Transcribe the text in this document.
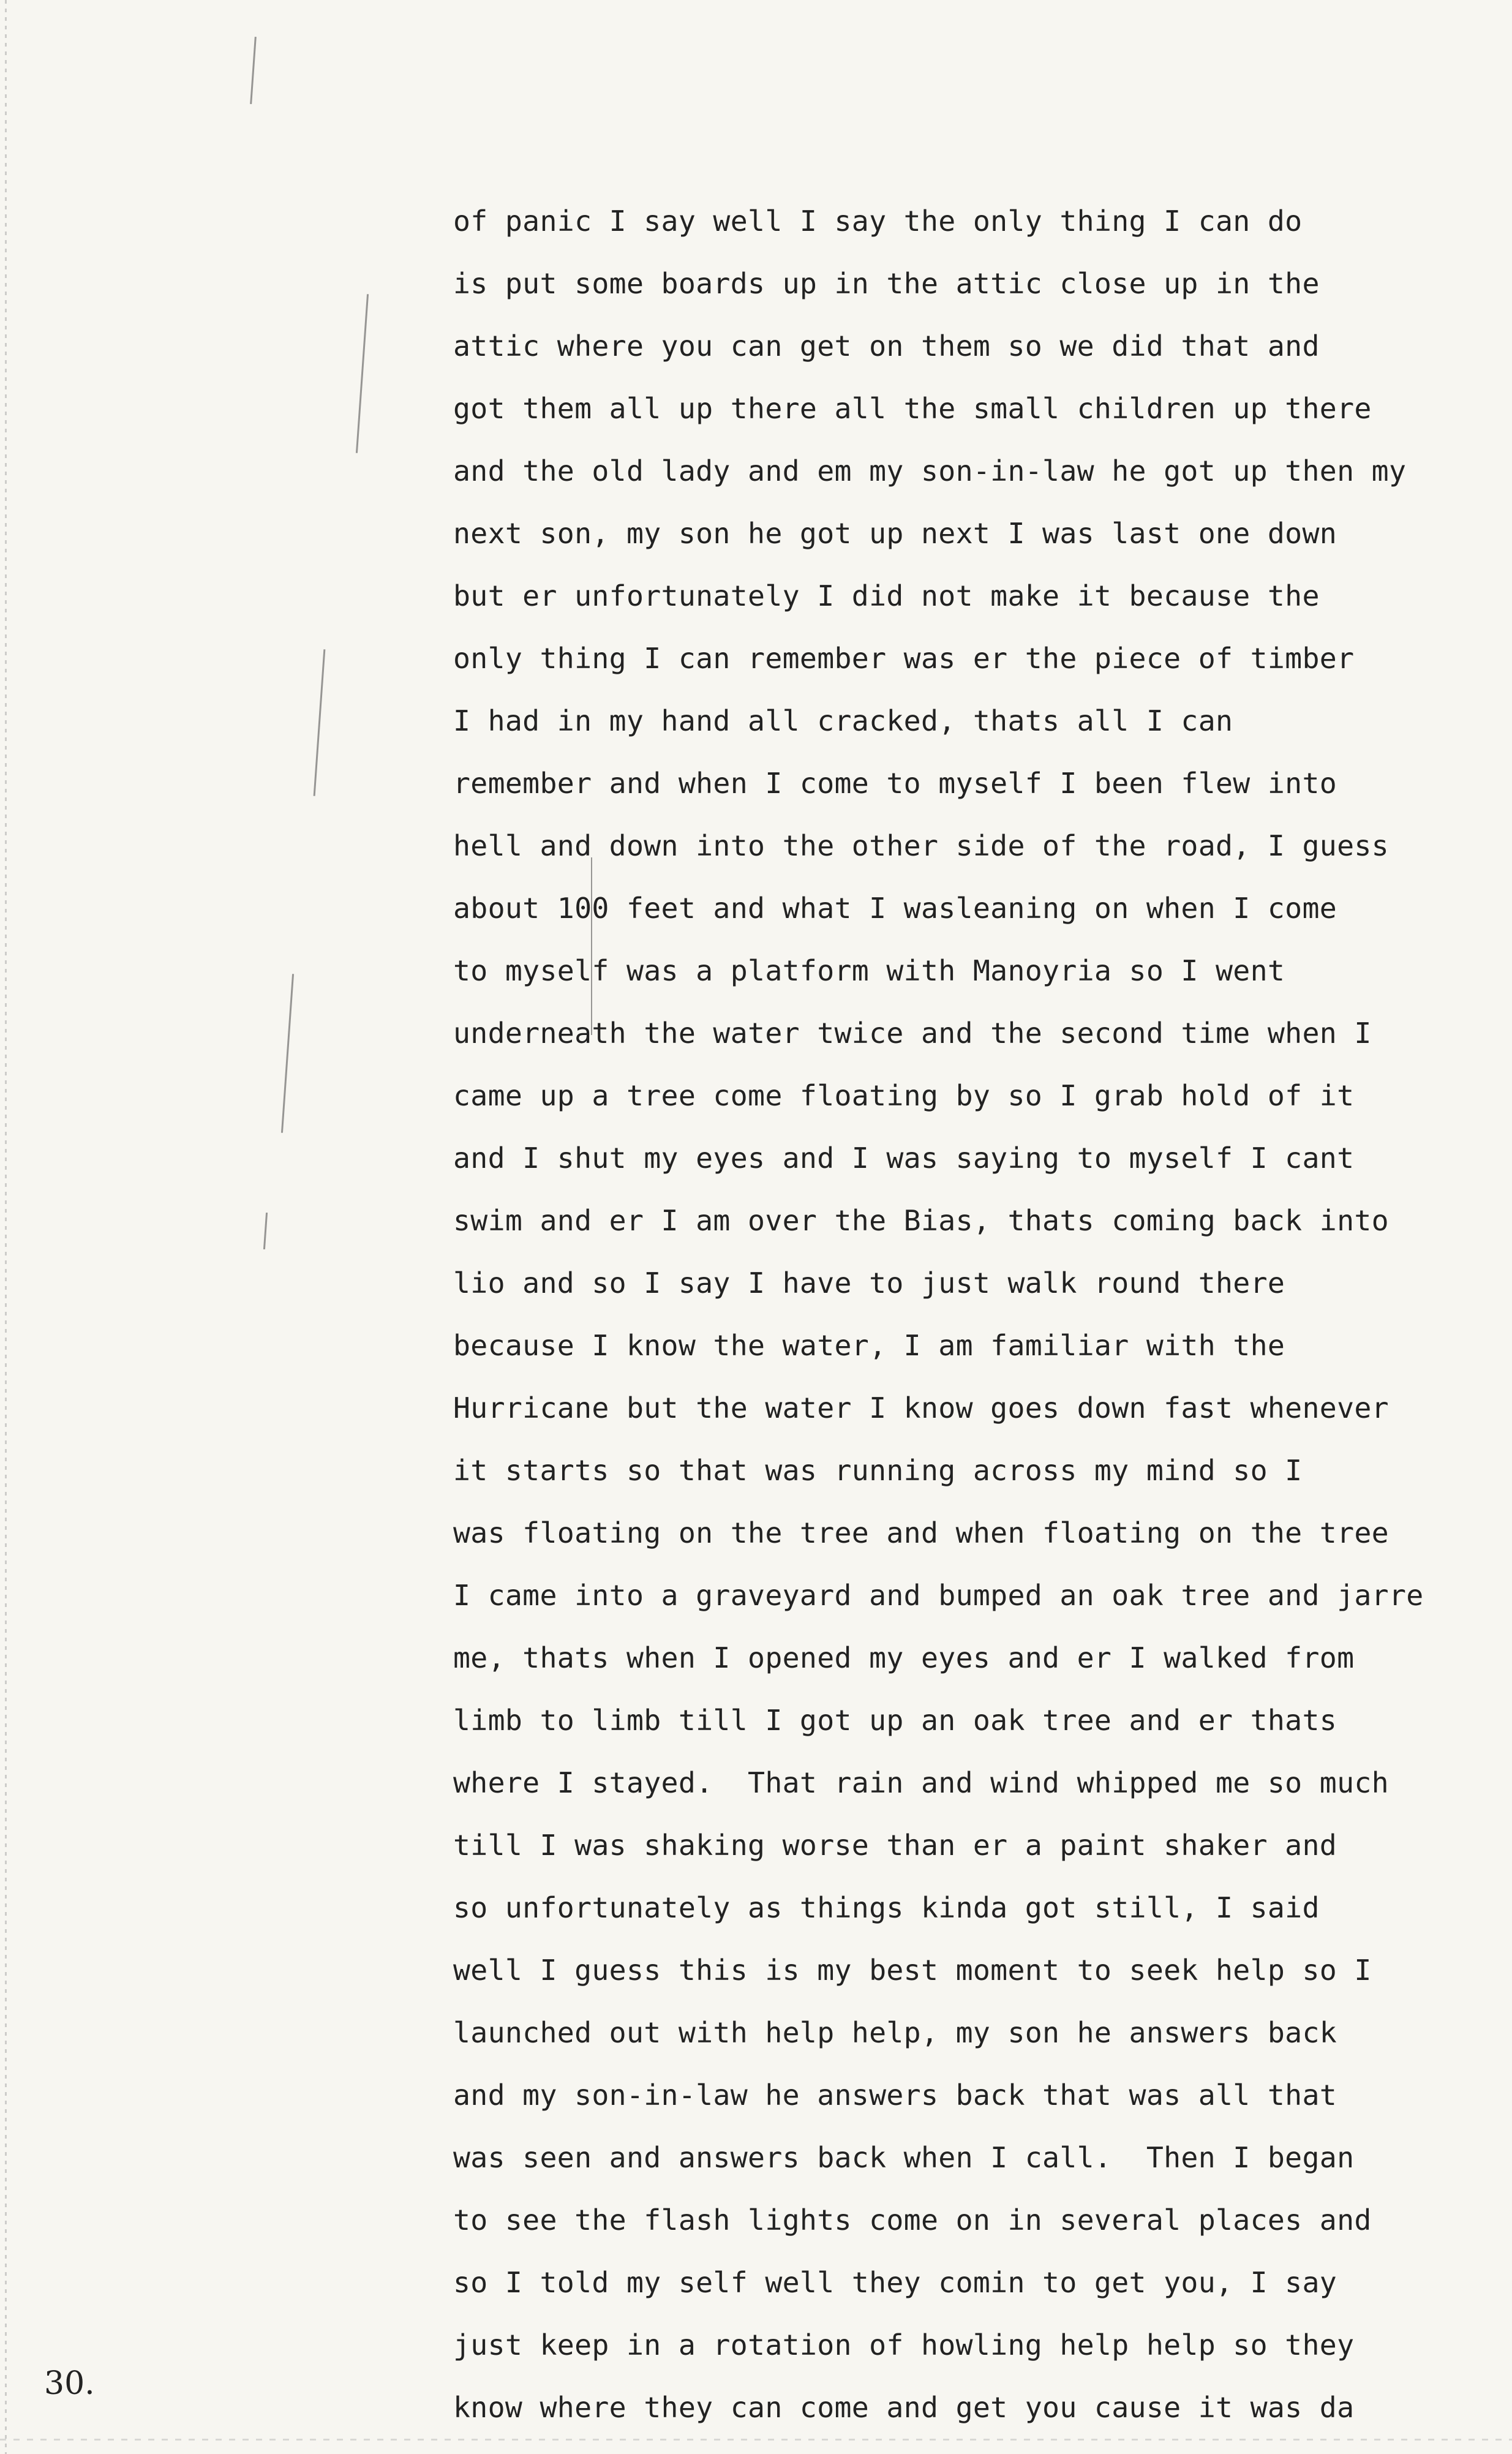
of panic I say well I say the only thing I can do
is put some boards up in the attic close up in the
attic where you can get on them so we did that and
got them all up there all the small children up there
and the old lady and em my son-in-law he got up then my
next son, my son he got up next I was last one down
but er unfortunately I did not make it because the
only thing I can remember was er the piece of timber
I had in my hand all cracked, thats all I can
remember and when I come to myself I been flew into
hell and down into the other side of the road, I guess
about 100 feet and what I wasleaning on when I come
to myself was a platform with Manoyria so I went
underneath the water twice and the second time when I
came up a tree come floating by so I grab hold of it
and I shut my eyes and I was saying to myself I cant
swim and er I am over the Bias, thats coming back into
lio and so I say I have to just walk round there
because I know the water, I am familiar with the
Hurricane but the water I know goes down fast whenever
it starts so that was running across my mind so I
was floating on the tree and when floating on the tree
I came into a graveyard and bumped an oak tree and jarre
me, thats when I opened my eyes and er I walked from
limb to limb till I got up an oak tree and er thats
where I stayed.  That rain and wind whipped me so much
till I was shaking worse than er a paint shaker and
so unfortunately as things kinda got still, I said
well I guess this is my best moment to seek help so I
launched out with help help, my son he answers back
and my son-in-law he answers back that was all that
was seen and answers back when I call.  Then I began
to see the flash lights come on in several places and
so I told my self well they comin to get you, I say
just keep in a rotation of howling help help so they
know where they can come and get you cause it was da
30.
